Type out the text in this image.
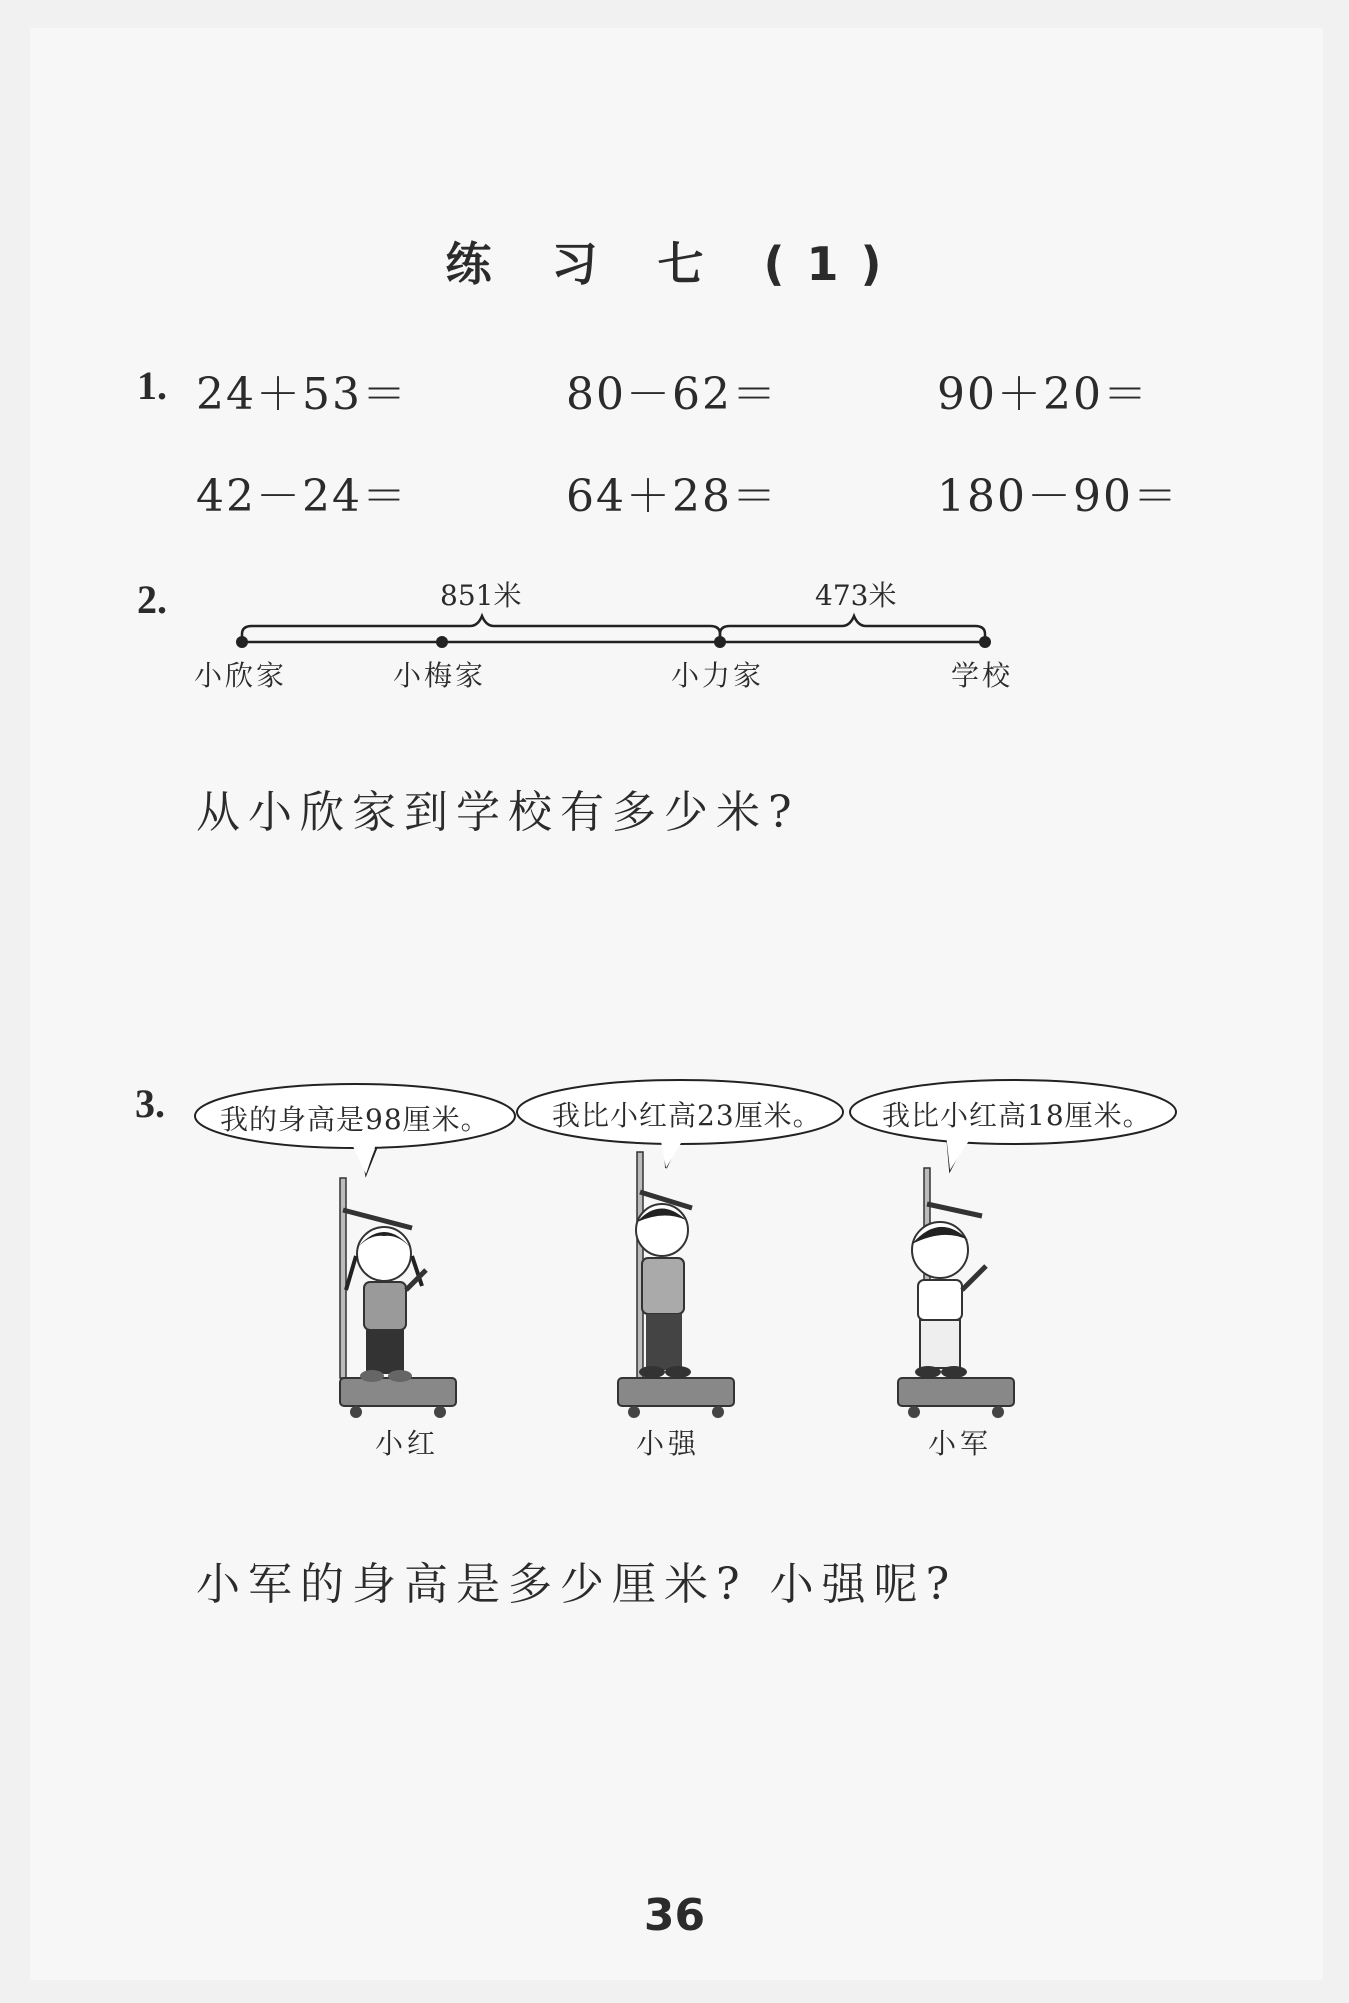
练 习 七 (1)
1. 24＋53＝	80－62＝	90＋20＝
42－24＝	64＋28＝	180－90＝
2.	851米	473米
小欣家	小梅家	小力家	学校
从小欣家到学校有多少米?
3. 我的身高是98厘米。 我比小红高23厘米。 我比小红高18厘米。
小红	小强	小军
小军的身高是多少厘米? 小强呢?
36
